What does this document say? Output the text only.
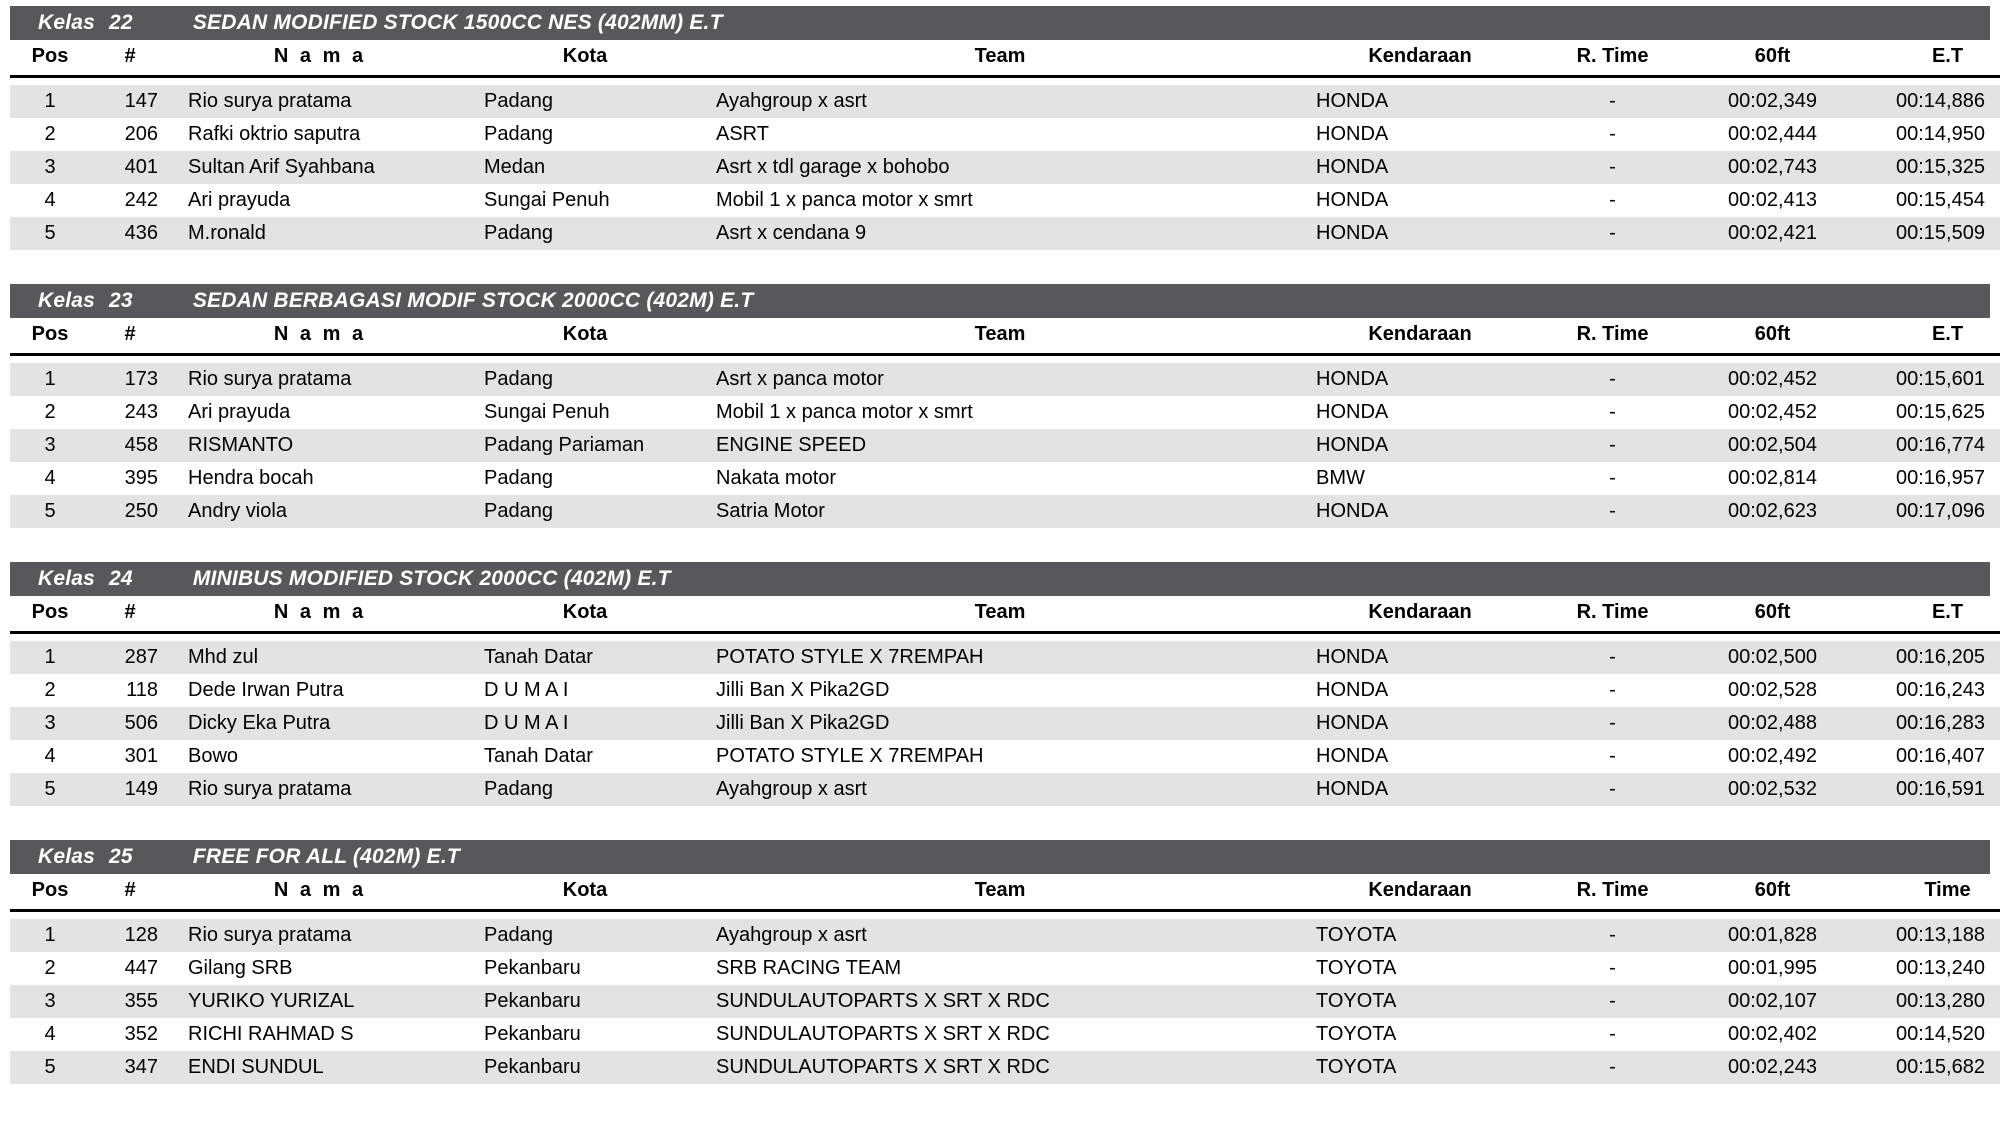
Kelas 22	SEDAN MODIFIED STOCK 1500CC NES (402MM) E.T
Pos	#	N a m a	Kota	Team	Kendaraan	R. Time	60ft	E.T

1	147	Rio surya pratama	Padang	Ayahgroup x asrt	HONDA	-	00:02,349	00:14,886
2	206	Rafki oktrio saputra	Padang	ASRT	HONDA	-	00:02,444	00:14,950
3	401	Sultan Arif Syahbana	Medan	Asrt x tdl garage x bohobo	HONDA	-	00:02,743	00:15,325
4	242	Ari prayuda	Sungai Penuh	Mobil 1 x panca motor x smrt	HONDA	-	00:02,413	00:15,454
5	436	M.ronald	Padang	Asrt x cendana 9	HONDA	-	00:02,421	00:15,509
Kelas 23	SEDAN BERBAGASI MODIF STOCK 2000CC (402M) E.T
Pos	#	N a m a	Kota	Team	Kendaraan	R. Time	60ft	E.T

1	173	Rio surya pratama	Padang	Asrt x panca motor	HONDA	-	00:02,452	00:15,601
2	243	Ari prayuda	Sungai Penuh	Mobil 1 x panca motor x smrt	HONDA	-	00:02,452	00:15,625
3	458	RISMANTO	Padang Pariaman	ENGINE SPEED	HONDA	-	00:02,504	00:16,774
4	395	Hendra bocah	Padang	Nakata motor	BMW	-	00:02,814	00:16,957
5	250	Andry viola	Padang	Satria Motor	HONDA	-	00:02,623	00:17,096
Kelas 24	MINIBUS MODIFIED STOCK 2000CC (402M) E.T
Pos	#	N a m a	Kota	Team	Kendaraan	R. Time	60ft	E.T

1	287	Mhd zul	Tanah Datar	POTATO STYLE X 7REMPAH	HONDA	-	00:02,500	00:16,205
2	118	Dede Irwan Putra	D U M A I	Jilli Ban X Pika2GD	HONDA	-	00:02,528	00:16,243
3	506	Dicky Eka Putra	D U M A I	Jilli Ban X Pika2GD	HONDA	-	00:02,488	00:16,283
4	301	Bowo	Tanah Datar	POTATO STYLE X 7REMPAH	HONDA	-	00:02,492	00:16,407
5	149	Rio surya pratama	Padang	Ayahgroup x asrt	HONDA	-	00:02,532	00:16,591
Kelas 25	FREE FOR ALL (402M) E.T
Pos	#	N a m a	Kota	Team	Kendaraan	R. Time	60ft	Time

1	128	Rio surya pratama	Padang	Ayahgroup x asrt	TOYOTA	-	00:01,828	00:13,188
2	447	Gilang SRB	Pekanbaru	SRB RACING TEAM	TOYOTA	-	00:01,995	00:13,240
3	355	YURIKO YURIZAL	Pekanbaru	SUNDULAUTOPARTS X SRT X RDC	TOYOTA	-	00:02,107	00:13,280
4	352	RICHI RAHMAD S	Pekanbaru	SUNDULAUTOPARTS X SRT X RDC	TOYOTA	-	00:02,402	00:14,520
5	347	ENDI SUNDUL	Pekanbaru	SUNDULAUTOPARTS X SRT X RDC	TOYOTA	-	00:02,243	00:15,682
